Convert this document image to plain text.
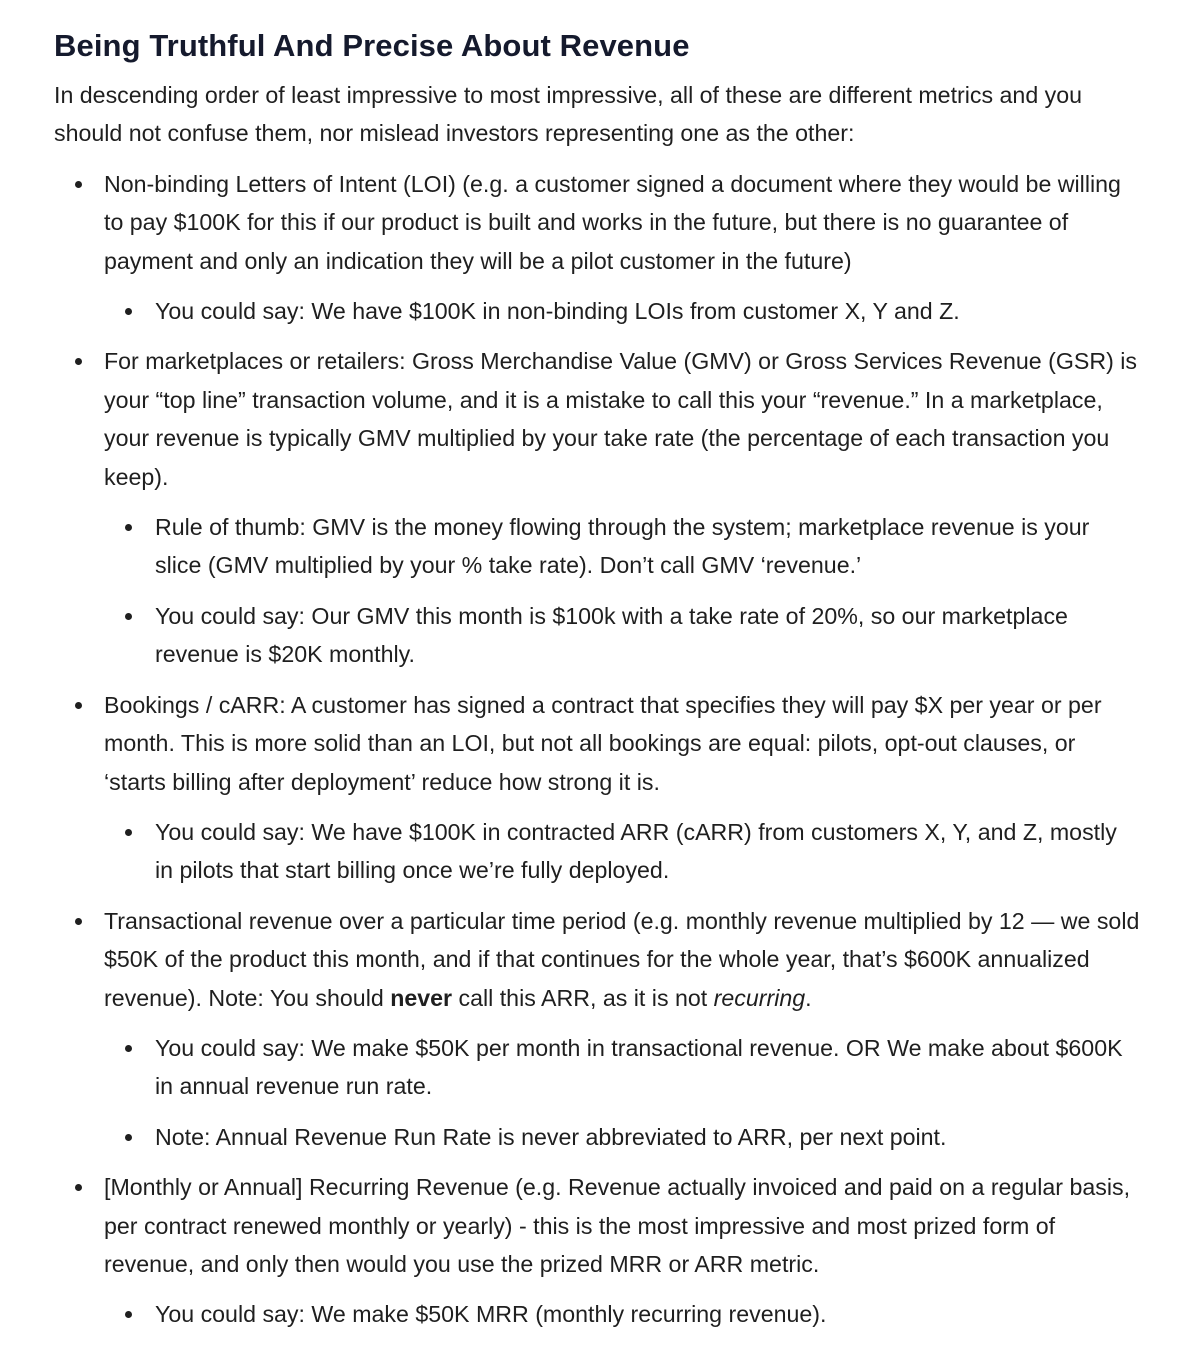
Being Truthful And Precise About Revenue

In descending order of least impressive to most impressive, all of these are different metrics and you should not confuse them, nor mislead investors representing one as the other:

Non-binding Letters of Intent (LOI) (e.g. a customer signed a document where they would be willing to pay $100K for this if our product is built and works in the future, but there is no guarantee of payment and only an indication they will be a pilot customer in the future)
You could say: We have $100K in non-binding LOIs from customer X, Y and Z.
For marketplaces or retailers: Gross Merchandise Value (GMV) or Gross Services Revenue (GSR) is your “top line” transaction volume, and it is a mistake to call this your “revenue.” In a marketplace, your revenue is typically GMV multiplied by your take rate (the percentage of each transaction you keep).
Rule of thumb: GMV is the money flowing through the system; marketplace revenue is your slice (GMV multiplied by your % take rate). Don’t call GMV ‘revenue.’
You could say: Our GMV this month is $100k with a take rate of 20%, so our marketplace revenue is $20K monthly.
Bookings / cARR: A customer has signed a contract that specifies they will pay $X per year or per month. This is more solid than an LOI, but not all bookings are equal: pilots, opt-out clauses, or ‘starts billing after deployment’ reduce how strong it is.
You could say: We have $100K in contracted ARR (cARR) from customers X, Y, and Z, mostly in pilots that start billing once we’re fully deployed.
Transactional revenue over a particular time period (e.g. monthly revenue multiplied by 12 — we sold $50K of the product this month, and if that continues for the whole year, that’s $600K annualized revenue). Note: You should never call this ARR, as it is not recurring.
You could say: We make $50K per month in transactional revenue. OR We make about $600K in annual revenue run rate.
Note: Annual Revenue Run Rate is never abbreviated to ARR, per next point.
[Monthly or Annual] Recurring Revenue (e.g. Revenue actually invoiced and paid on a regular basis, per contract renewed monthly or yearly) - this is the most impressive and most prized form of revenue, and only then would you use the prized MRR or ARR metric.
You could say: We make $50K MRR (monthly recurring revenue).
